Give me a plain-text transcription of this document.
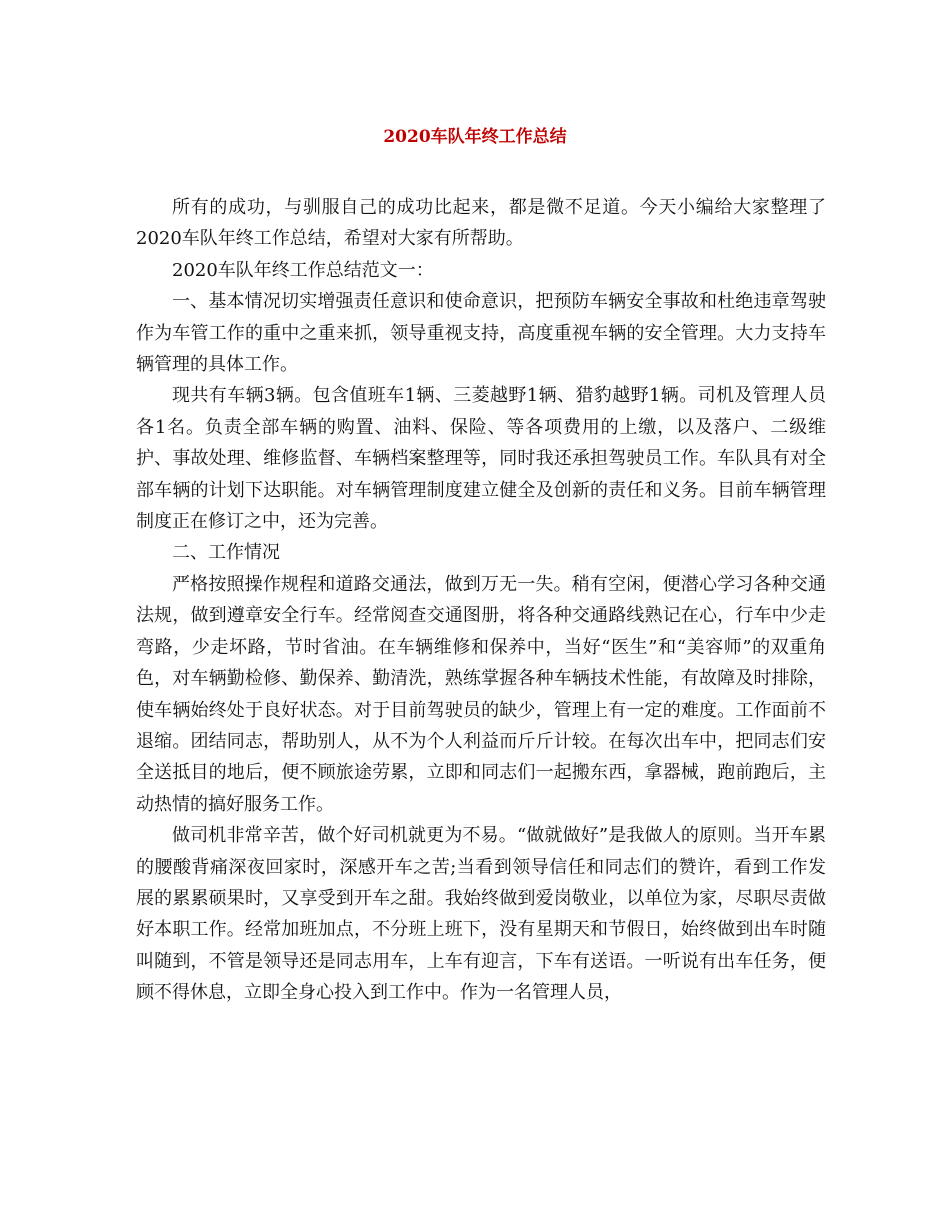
2020车队年终工作总结

所有的成功，与驯服自己的成功比起来，都是微不足道。今天小编给大家整理了2020车队年终工作总结，希望对大家有所帮助。

2020车队年终工作总结范文一：

一、基本情况切实增强责任意识和使命意识，把预防车辆安全事故和杜绝违章驾驶作为车管工作的重中之重来抓，领导重视支持，高度重视车辆的安全管理。大力支持车辆管理的具体工作。

现共有车辆3辆。包含值班车1辆、三菱越野1辆、猎豹越野1辆。司机及管理人员各1名。负责全部车辆的购置、油料、保险、等各项费用的上缴，以及落户、二级维护、事故处理、维修监督、车辆档案整理等，同时我还承担驾驶员工作。车队具有对全部车辆的计划下达职能。对车辆管理制度建立健全及创新的责任和义务。目前车辆管理制度正在修订之中，还为完善。

二、工作情况

严格按照操作规程和道路交通法，做到万无一失。稍有空闲，便潜心学习各种交通法规，做到遵章安全行车。经常阅查交通图册，将各种交通路线熟记在心，行车中少走弯路，少走坏路，节时省油。在车辆维修和保养中，当好“医生”和“美容师”的双重角色，对车辆勤检修、勤保养、勤清洗，熟练掌握各种车辆技术性能，有故障及时排除，使车辆始终处于良好状态。对于目前驾驶员的缺少，管理上有一定的难度。工作面前不退缩。团结同志，帮助别人，从不为个人利益而斤斤计较。在每次出车中，把同志们安全送抵目的地后，便不顾旅途劳累，立即和同志们一起搬东西，拿器械，跑前跑后，主动热情的搞好服务工作。

做司机非常辛苦，做个好司机就更为不易。“做就做好”是我做人的原则。当开车累的腰酸背痛深夜回家时，深感开车之苦;当看到领导信任和同志们的赞许，看到工作发展的累累硕果时，又享受到开车之甜。我始终做到爱岗敬业，以单位为家，尽职尽责做好本职工作。经常加班加点，不分班上班下，没有星期天和节假日，始终做到出车时随叫随到，不管是领导还是同志用车，上车有迎言，下车有送语。一听说有出车任务，便顾不得休息，立即全身心投入到工作中。作为一名管理人员，
